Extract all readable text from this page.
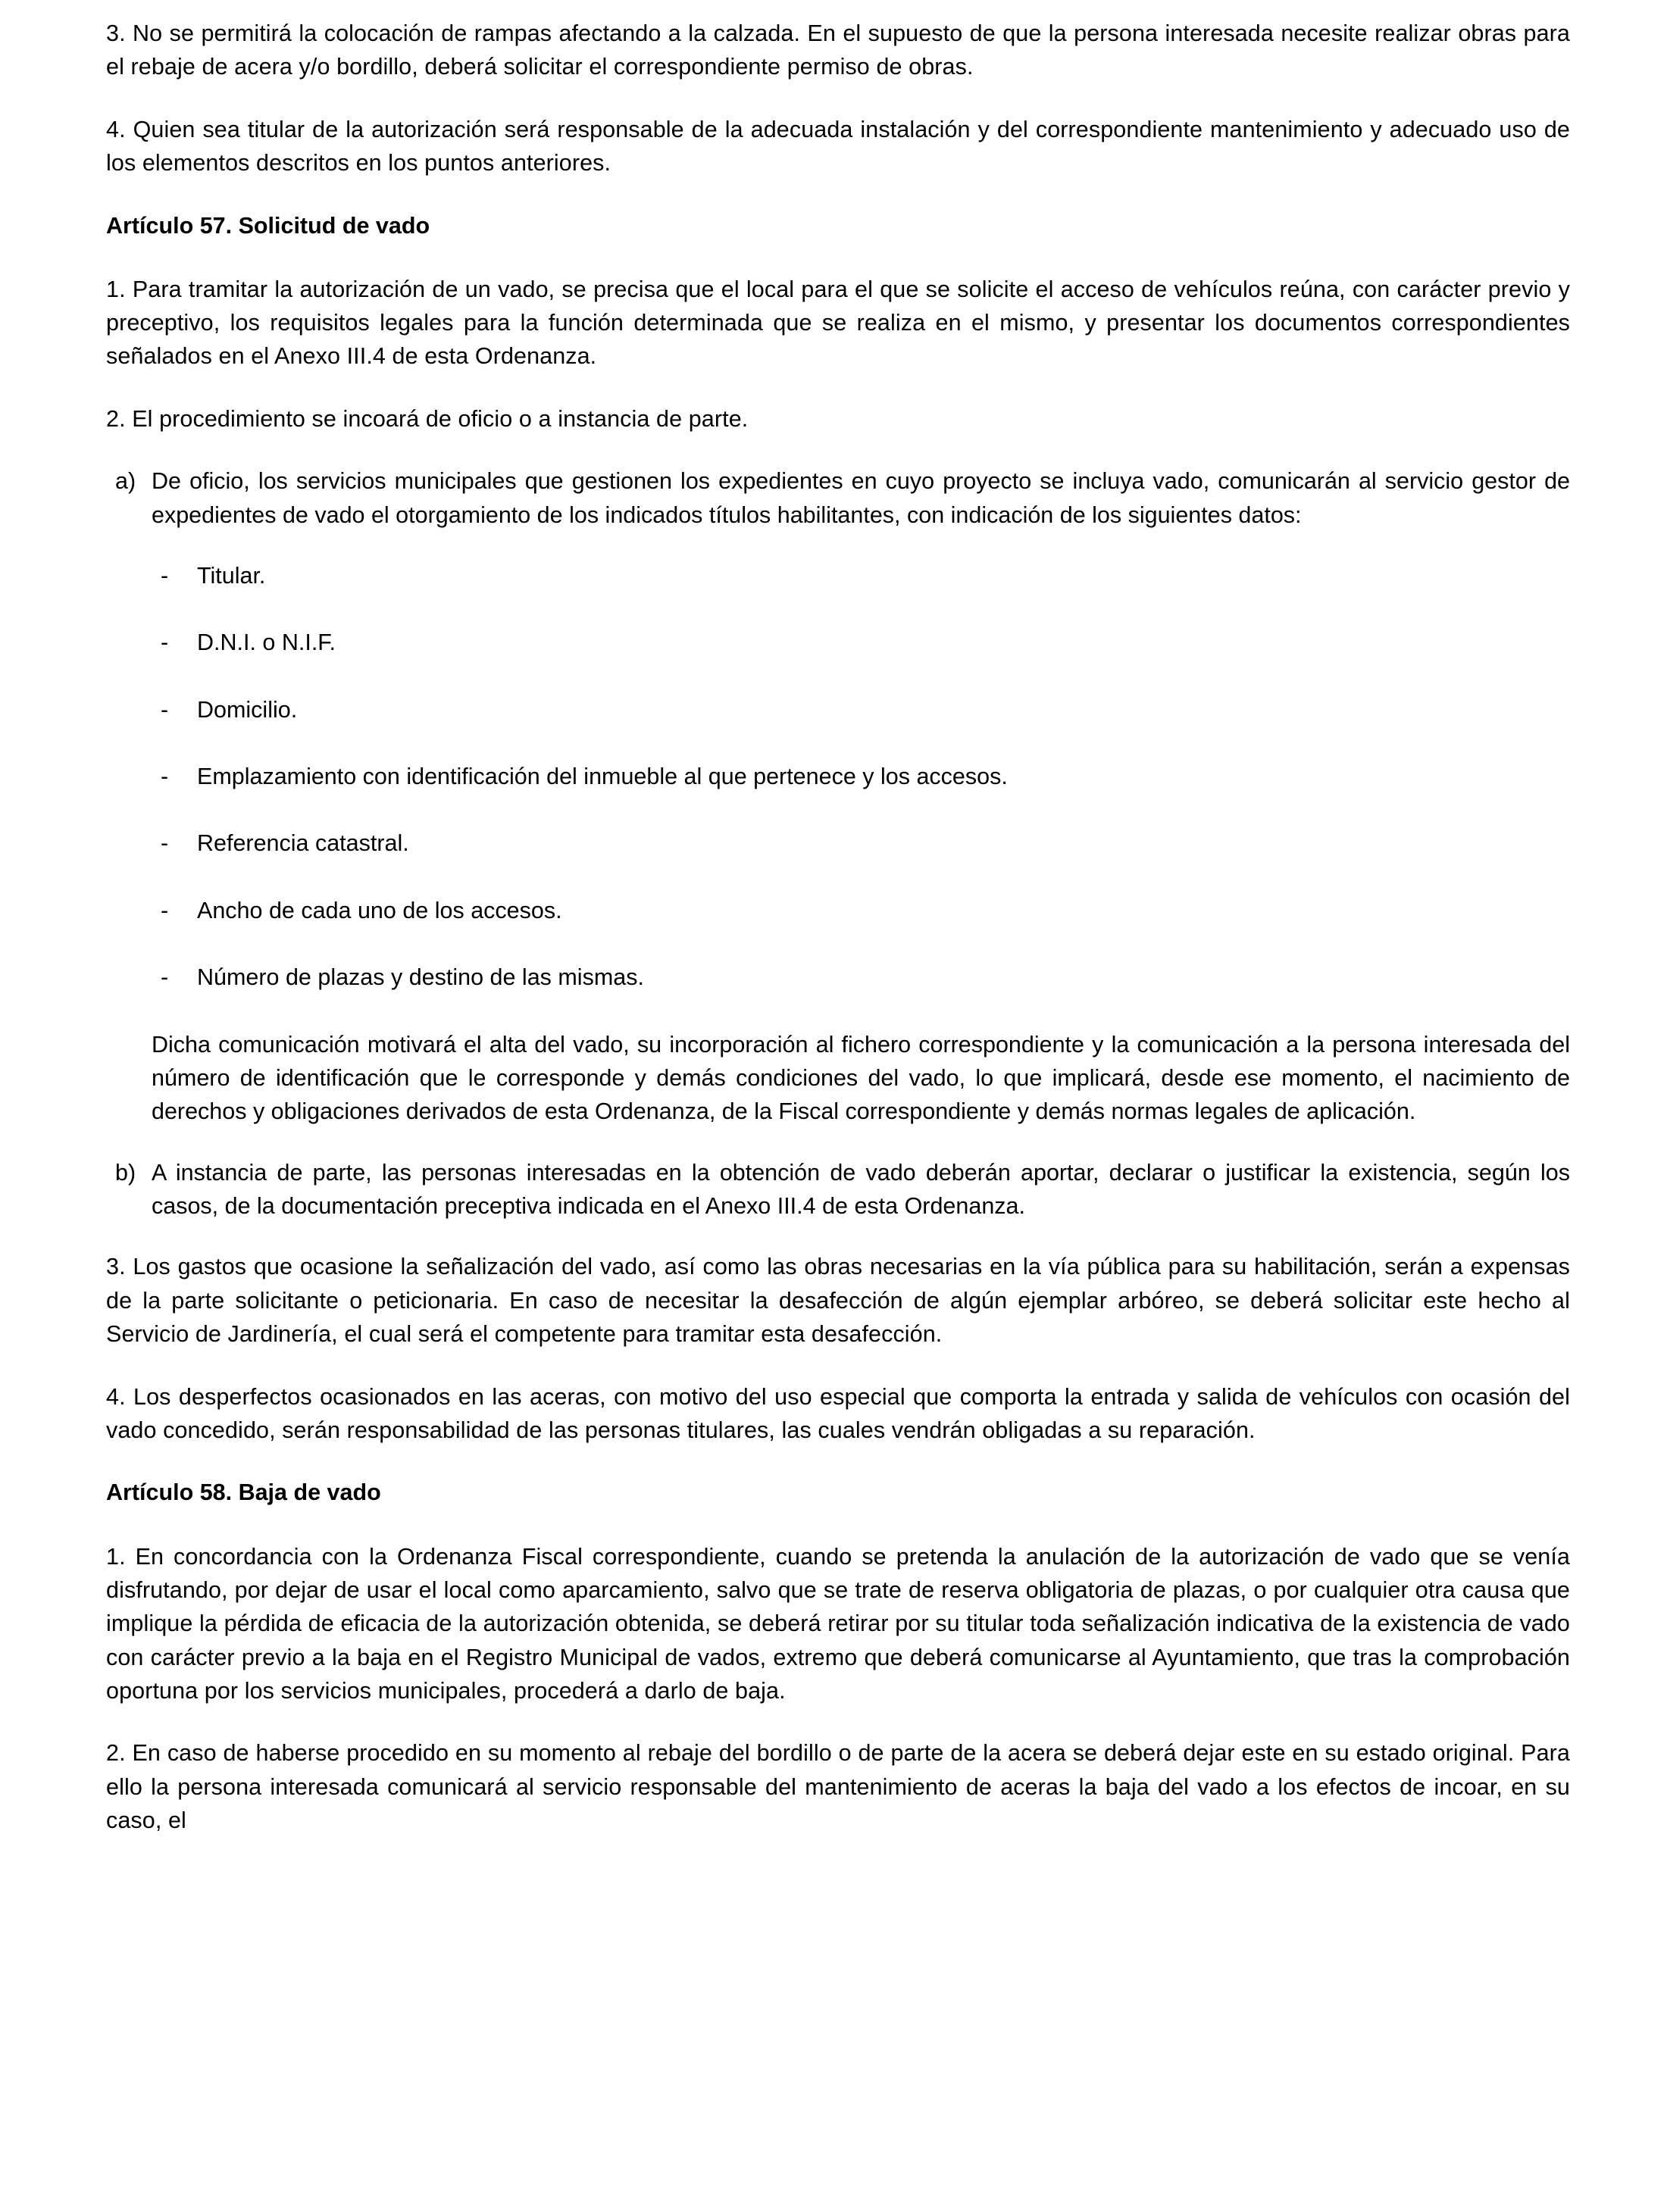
3. No se permitirá la colocación de rampas afectando a la calzada. En el supuesto de que la persona interesada necesite realizar obras para el rebaje de acera y/o bordillo, deberá solicitar el correspondiente permiso de obras.

4. Quien sea titular de la autorización será responsable de la adecuada instalación y del correspondiente mantenimiento y adecuado uso de los elementos descritos en los puntos anteriores.

Artículo 57. Solicitud de vado

1. Para tramitar la autorización de un vado, se precisa que el local para el que se solicite el acceso de vehículos reúna, con carácter previo y preceptivo, los requisitos legales para la función determinada que se realiza en el mismo, y presentar los documentos correspondientes señalados en el Anexo III.4 de esta Ordenanza.

2. El procedimiento se incoará de oficio o a instancia de parte.

a) De oficio, los servicios municipales que gestionen los expedientes en cuyo proyecto se incluya vado, comunicarán al servicio gestor de expedientes de vado el otorgamiento de los indicados títulos habilitantes, con indicación de los siguientes datos:
-	Titular.
-	D.N.I. o N.I.F.
-	Domicilio.
-	Emplazamiento con identificación del inmueble al que pertenece y los accesos.
-	Referencia catastral.
-	Ancho de cada uno de los accesos.
-	Número de plazas y destino de las mismas.

Dicha comunicación motivará el alta del vado, su incorporación al fichero correspondiente y la comunicación a la persona interesada del número de identificación que le corresponde y demás condiciones del vado, lo que implicará, desde ese momento, el nacimiento de derechos y obligaciones derivados de esta Ordenanza, de la Fiscal correspondiente y demás normas legales de aplicación.

b) A instancia de parte, las personas interesadas en la obtención de vado deberán aportar, declarar o justificar la existencia, según los casos, de la documentación preceptiva indicada en el Anexo III.4 de esta Ordenanza.

3. Los gastos que ocasione la señalización del vado, así como las obras necesarias en la vía pública para su habilitación, serán a expensas de la parte solicitante o peticionaria. En caso de necesitar la desafección de algún ejemplar arbóreo, se deberá solicitar este hecho al Servicio de Jardinería, el cual será el competente para tramitar esta desafección.

4. Los desperfectos ocasionados en las aceras, con motivo del uso especial que comporta la entrada y salida de vehículos con ocasión del vado concedido, serán responsabilidad de las personas titulares, las cuales vendrán obligadas a su reparación.

Artículo 58. Baja de vado

1. En concordancia con la Ordenanza Fiscal correspondiente, cuando se pretenda la anulación de la autorización de vado que se venía disfrutando, por dejar de usar el local como aparcamiento, salvo que se trate de reserva obligatoria de plazas, o por cualquier otra causa que implique la pérdida de eficacia de la autorización obtenida, se deberá retirar por su titular toda señalización indicativa de la existencia de vado con carácter previo a la baja en el Registro Municipal de vados, extremo que deberá comunicarse al Ayuntamiento, que tras la comprobación oportuna por los servicios municipales, procederá a darlo de baja.

2. En caso de haberse procedido en su momento al rebaje del bordillo o de parte de la acera se deberá dejar este en su estado original. Para ello la persona interesada comunicará al servicio responsable del mantenimiento de aceras la baja del vado a los efectos de incoar, en su caso, el
